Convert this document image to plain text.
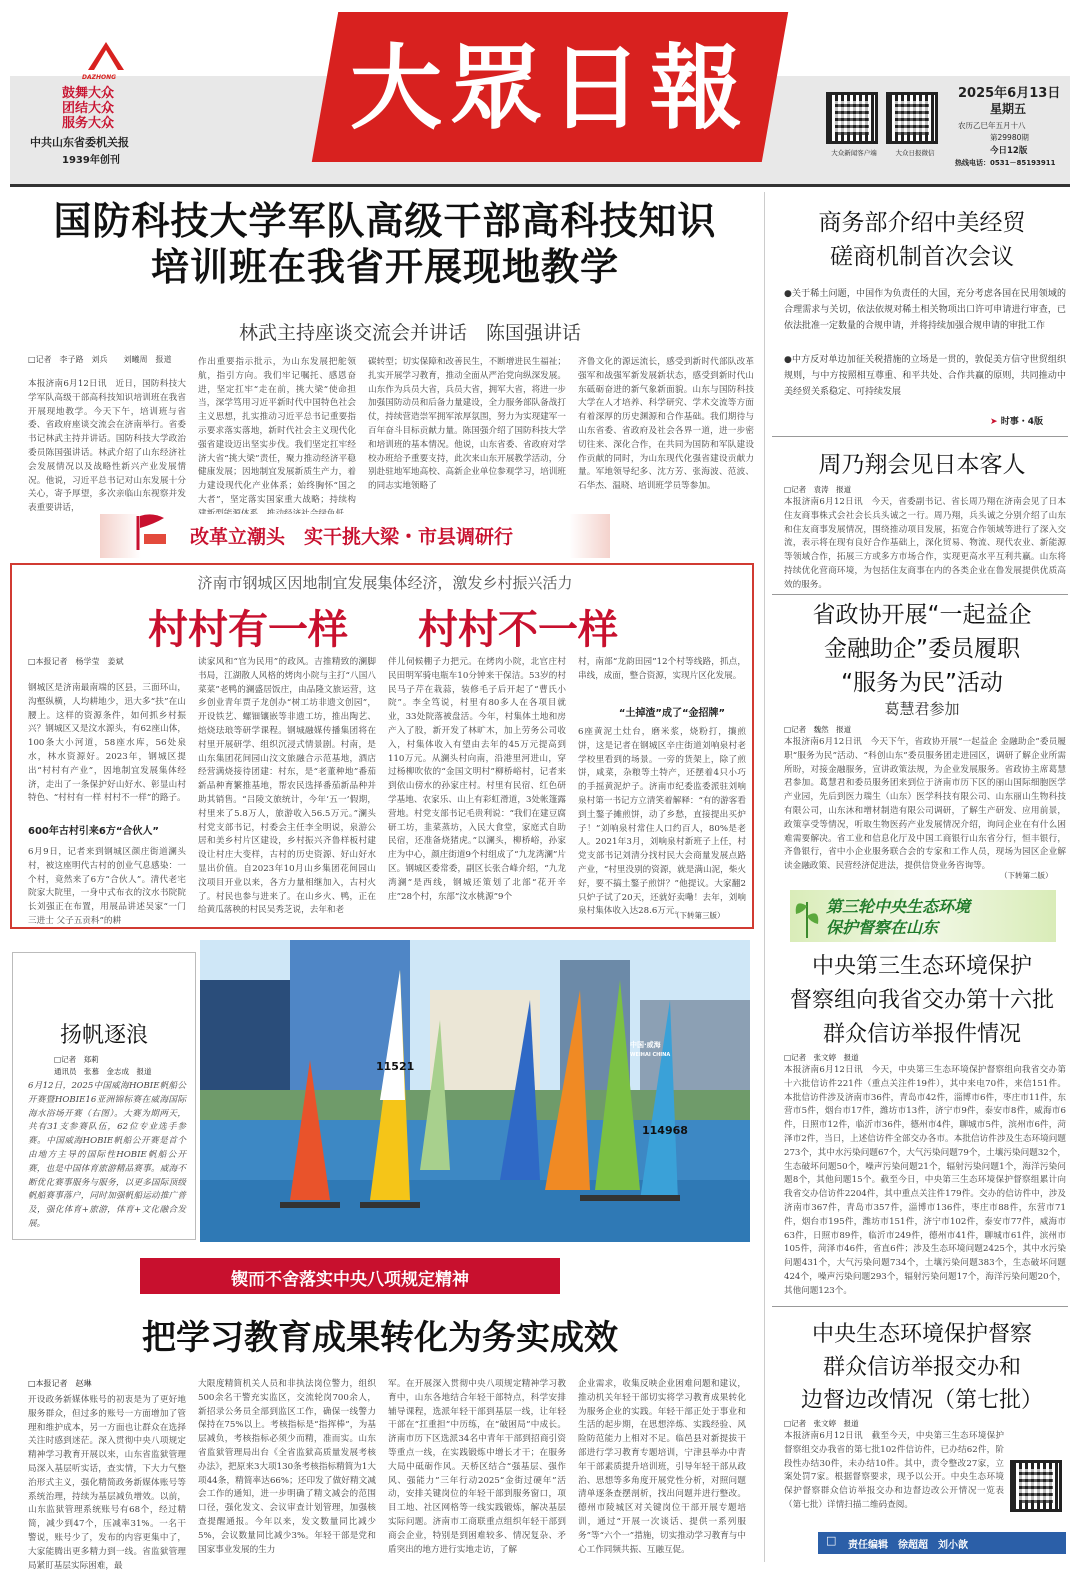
DAZHONG
鼓舞大众
团结大众
服务大众
中共山东省委机关报
1939年创刊
大眾日報
大众新闻客户端	大众日报微信
2025年6月13日
星期五
农历乙巳年五月十八
第29980期
今日12版
热线电话：0531－85193911
国防科技大学军队高级干部高科技知识
培训班在我省开展现地教学
林武主持座谈交流会并讲话　陈国强讲话
□记者　李子路　刘兵　　刘曦周　报道
本报济南6月12日讯　近日，国防科技大学军队高级干部高科技知识培训班在我省开展现地教学。今天下午，培训班与省委、省政府座谈交流会在济南举行。省委书记林武主持并讲话。国防科技大学政治委员陈国强讲话。林武介绍了山东经济社会发展情况以及战略性新兴产业发展情况。他说，习近平总书记对山东发展十分关心，寄予厚望，多次亲临山东视察并发表重要讲话，
作出重要指示批示，为山东发展把舵领航，指引方向。我们牢记嘱托、感恩奋进，坚定扛牢“走在前，挑大梁”使命担当，深学笃用习近平新时代中国特色社会主义思想，扎实推动习近平总书记重要指示要求落实落地，新时代社会主义现代化强省建设迈出坚实步伐。我们坚定扛牢经济大省“挑大梁”责任，聚力推动经济平稳健康发展；因地制宜发展新质生产力，着力建设现代化产业体系；始终胸怀“国之大者”，坚定落实国家重大战略；持续构
碳转型；切实保障和改善民生，不断增进民生福祉；扎实开展学习教育，推动全面从严治党向纵深发展。山东作为兵员大省，兵员大省，拥军大省，将进一步加强国防动员和后备力量建设，全力服务部队备战打仗，持续营造崇军拥军浓厚氛围，努力为实现建军一百年奋斗目标贡献力量。陈国强介绍了国防科技大学和培训班的基本情况。他说，山东省委、省政府对学校办班给予重要支持，此次来山东开展教学活动，分别赴驻地军地高校、高新企业单位参观学习，培训班的同志实地领略了
齐鲁文化的源远流长，感受到新时代部队改革强军和战强军新发展新状态，感受到新时代山东砥砺奋进的新气象新面貌。山东与国防科技大学在人才培养、科学研究、学术交流等方面有着深厚的历史渊源和合作基础。我们期待与山东省委、省政府及社会各界一道，进一步密切往来、深化合作，在共同为国防和军队建设作贡献的同时，为山东现代化强省建设贡献力量。军地领导纪多、沈方芳、张海波、范波、石华杰、温晓、培训班学员等参加。
改革立潮头　实干挑大梁・市县调研行
济南市钢城区因地制宜发展集体经济，激发乡村振兴活力
村村有一样	村村不一样
□本报记者　杨学莹　姜斌
钢城区是济南最南端的区县，三面环山，沟壑纵横，人均耕地少，迅大多“扶”在山腰上。这样的资源条件，如何抓乡村振兴？钢城区又是汶水源头，有62座山体，100条大小河道，58座水库，56处泉水，林水资源好。2023年，钢城区提出“村村有产业”，因地制宜发展集体经济，走出了一条保护好山好水、彰显山村特色、“村村有一样 村村不一样”的路子。
600年古村引来6方“合伙人”
6月9日，记者来到钢城区颜庄街道澜头村，被这座明代古村的创业气息感染：一个村，竟然来了6方“合伙人”。清代老宅院家大院里，一身中式布衣的汶水书院院长刘强正在布置，用展品讲述吴家“一门三进士 父子五贡科”的耕
读家风和“官为民用”的政风。吉推精致的澜脚书局，江湖散人风格的烤肉小院与主打“八国八菜菜”老鸭的澜盛居饭庄，由品隆文旅运营，这乡创业青年贾子龙创办“树工坊非遗文创园”，开设铁艺、螺钿镶嵌等非遗工坊，推出陶艺、焙烧珐琅等研学课程。钢城融媒传播集团将在村里开展研学、组织沉浸式情景剧。村南，是山东集团花间园山汶文旅融合示范基地，酒店经营满烧接待团建：村东，是“老董种地”番茄新品种育繁推基地，帮农民选择番茄新品种并助其销售。“吕陵文旅统计，今年‘五一’假期，村里来了5.8万人，旅游收入56.5万元。”澜头村党支部书记，村委会主任李全明说，泉游公居和美乡村片区建设，乡村振兴齐鲁样板村建设让村庄大变样，古村的历史资源、好山好水显出价值。自2023年10月山乡集团花间园山汶项目开业以来，各方力量相继加入，古村火了。村民也参与进来了。在山乡火、鸭，正在给黄瓜落秧的村民吴秀芝说，去年和老
伴儿伺候棚子力把元。在烤肉小院，北官庄村民田明军骑电瓶车10分钟来干保洁。53岁的村民马子芹在栽蒜，装修毛子后开起了“曹氏小院”。李全笃说，村里有80多人在各项目就业，33处院落被盘活。今年，村集体土地和房产入了股，新开发了林旷木，加上劳务公司收入，村集体收入有望由去年的45万元提高到110万元。从澜头村向南，沿港里河进山，穿过杨柳吹依的“金国文明村”柳桥峪村，记者来到依山傍水的孙家庄村。村里有民宿、红色研学基地、农家乐、山上有彩虹滑道，3处帐篷露营地。村党支部书记毛贵利说：“我们在建豆腐研工坊，韭菜蒸坊，入民大食堂，家庭式自助民宿，还准备烧猪虎。”以澜头，柳桥峪，孙家庄为中心，颜庄街道9个村组成了“九龙湾澜”片区。钢城区委常委，副区长张合峰介绍，“九龙湾澜”是西线，钢城还策划了北部“花开辛庄”28个村，东部“汶水桃源”9个
村，南部“龙韵田园”12个村等线路，抓点，串线，成面，整合资源，实现片区化发展。
“土掉渣”成了“金招牌”
6座黄泥土灶台，磨米浆，烧粉打，攘煎饼，这是记者在钢城区辛庄街道刘响泉村老学校里看到的场景。一旁的货架上，除了煎饼，咸菜，杂粮等土特产，还摆着4只小巧的手摇黄泥炉子。济南市纪委监委派驻刘响泉村第一书记方立清笑着解释：“有的游客看到土鏊子摊煎饼，动了乡愁，直接提出买炉子！”刘响泉村常住人口约百人，80%是老人。2021年3月，刘响泉村新班子上任，村党支部书记刘清分找村民大会商量发展点路产业，“村里没别的资源，就是满山泥，柴火好，要不搞土鏊子煎饼？”他提议。大家翻2只炉子试了20天，还就好卖嘞！去年，刘响泉村集体收入达28.6万元。
（下转第三版）
扬帆逐浪
□记者　郑莉
通讯员　张慕　金志成　报道
6月12日，2025中国威海HOBIE帆船公开赛暨HOBIE16亚洲锦标赛在威海国际海水浴场开赛（右图）。大赛为期两天，共有31支参赛队伍，62位专业选手参赛。中国威海HOBIE帆船公开赛是首个由地方主导的国际性HOBIE帆船公开赛，也是中国体育旅游精品赛事。威海不断优化赛事服务与服务，以更多国际顶级帆船赛事落户，同时加强帆船运动推广普及，强化体育+旅游，体育+文化融合发展。
11521
114968
中国·威海
WEIHAI CHINA
锲而不舍落实中央八项规定精神
把学习教育成果转化为务实成效
□本报记者　赵琳
开设政务新媒体账号的初衷是为了更好地服务群众，但过多的账号一方面增加了管理和维护成本，另一方面也让群众在选择关注时感到迷茫。深入贯彻中央八项规定精神学习教育开展以来，山东省监狱管理局深入基层听实话，查实情，下大力气整治形式主义，强化精简政务新媒体账号等系统治理，持续为基层减负增效。以前，山东监狱管理系统账号有68个，经过精简，减少到47个，压减率31%。一名干警说，账号少了，发布的内容更集中了，大家能腾出更多精力到一线。省监狱管理局紧盯基层实际困难，最
大限度精简机关人员和非执法岗位警力，组织500余名干警充实监区，交流轮岗700余人，新招录公务员全部到监区工作，确保一线警力保持在75%以上。考核指标是“指挥棒”，为基层减负，考核指标必须少而精，准而实。山东省监狱管理局出台《全省监狱高质量发展考核办法》，把原来3大项130条考核指标精简为1大项44条，精简率达66%；还印发了做好精文减会工作的通知，进一步明确了精文减会的范围口径，强化发文、会议审查计划管理，加强核查提醒通报。今年以来，发文数量同比减少5%，会议数量同比减少3%。年轻干部是党和国家事业发展的生力
军。在开展深入贯彻中央八项规定精神学习教育中，山东各地结合年轻干部特点，科学安排辅导课程，选派年轻干部到基层一线，让年轻干部在“扛重担”中历练，在“破困局”中成长。济南市历下区选派34名中青年干部到招商引资等重点一线，在实践锻炼中增长才干；在服务大局中砥砺作风。天桥区结合“强基层、强作风、强能力”三年行动2025“金街过硬年”活动，安排关键岗位的年轻干部到服务窗口，项目工地、社区网格等一线实践锻炼，解决基层实际问题。济南市工商联重点组织年轻干部到商会企业，特别是到困难较多、情况复杂、矛盾突出的地方进行实地走访，了解
企业需求，收集反映企业困难问题和建议，推动机关年轻干部切实将学习教育成果转化为服务企业的实践。年轻干部正处于事业和生活的起步期，在思想淬炼、实践经验、风险防范能力上相对不足。临邑县对新提拔干部进行学习教育专题培训，宁津县举办中青年干部素质提升培训班，引导年轻干部从政治、思想等多角度开展党性分析，对照问题清单逐条查摆剖析，找出问题并进行整改。德州市陵城区对关键岗位干部开展专题培训，通过“开展一次谈话、提供一系列服务”等“六个一”措施，切实推动学习教育与中心工作同频共振、互融互促。
商务部介绍中美经贸
磋商机制首次会议
●关于稀土问题，中国作为负责任的大国，充分考虑各国在民用领域的合理需求与关切，依法依规对稀土相关物项出口许可申请进行审查，已依法批准一定数量的合规申请，并将持续加强合规申请的审批工作
●中方反对单边加征关税措施的立场是一贯的，敦促美方信守世贸组织规则，与中方按照相互尊重、和平共处、合作共赢的原则，共同推动中美经贸关系稳定、可持续发展
➤ 时事・4版
周乃翔会见日本客人
□记者　袁涛　报道
本报济南6月12日讯　今天，省委副书记、省长周乃翔在济南会见了日本住友商事株式会社会长兵头诚之一行。周乃翔，兵头诚之分别介绍了山东和住友商事发展情况，围绕推动项目发展，拓宽合作领域等进行了深入交流，表示将在现有良好合作基础上，深化贸易、物流、现代农业、新能源等领域合作，拓展三方或多方市场合作，实现更高水平互利共赢。山东将持续优化营商环境，为包括住友商事在内的各类企业在鲁发展提供优质高效的服务。
省政协开展“一起益企
金融助企”委员履职
“服务为民”活动
葛慧君参加
□记者　魏然　报道
本报济南6月12日讯　今天下午，省政协开展“一起益企 金融助企”委员履职“服务为民”活动、“科创山东”委员服务团走进园区，调研了解企业所需所盼，对接金融服务，宣讲政策法规，为企业发展服务。省政协主席葛慧君参加。葛慧君和委员服务团来到位于济南市历下区的丽山国际细胞医学产业园，先后到医力瑞生（山东）医学科技有限公司、山东丽山生物科技有限公司，山东沐和增材制造有限公司调研，了解生产研发、应用前景，政策享受等情况，听取生物医药产业发展情况介绍，询问企业在有什么困难需要解决。省工业和信息化厅及中国工商银行山东省分行，恒丰银行，齐鲁银行，省中小企业服务联合会的专家和工作人员，现场为园区企业解读金融政策、民营经济促进法，提供信贷业务咨询等。
（下转第二版）
第三轮中央生态环境
保护督察在山东
中央第三生态环境保护
督察组向我省交办第十六批
群众信访举报件情况
□记者　张文婷　报道
本报济南6月12日讯　今天，中央第三生态环境保护督察组向我省交办第十六批信访件221件（重点关注件19件），其中来电70件，来信151件。本批信访件涉及济南市36件，青岛市42件，淄博市6件，枣庄市11件，东营市5件，烟台市17件，潍坊市13件，济宁市9件，泰安市8件，威海市6件，日照市12件，临沂市36件，德州市4件，聊城市5件，滨州市6件，菏泽市2件，当日，上述信访件全部交办各市。本批信访件涉及生态环境问题273个，其中水污染问题67个，大气污染问题79个，土壤污染问题32个，生态破坏问题50个，噪声污染问题21个，辐射污染问题1个，海洋污染问题8个，其他问题15个。截至今日，中央第三生态环境保护督察组累计向我省交办信访件2204件，其中重点关注件179件。交办的信访件中，涉及济南市367件，青岛市357件，淄博市136件，枣庄市88件，东营市71件，烟台市195件，潍坊市151件，济宁市102件，泰安市77件，威海市63件，日照市89件，临沂市249件，德州市41件，聊城市61件，滨州市105件，菏泽市46件，省直6件；涉及生态环境问题2425个，其中水污染问题431个，大气污染问题734个，土壤污染问题383个，生态破坏问题424个，噪声污染问题293个，辐射污染问题17个，海洋污染问题20个，其他问题123个。
中央生态环境保护督察
群众信访举报交办和
边督边改情况（第七批）
□记者　张文婷　报道
本报济南6月12日讯　截至今天，中央第三生态环境保护督察组交办我省的第七批102件信访件，已办结62件，阶段性办结30件，未办结10件。其中，责令整改27家，立案处罚7家。根据督察要求，现予以公开。中央生态环境保护督察群众信访举报交办和边督边改公开情况一览表（第七批）详情扫描二维码查阅。
责任编辑　徐超超　刘小歆
□
